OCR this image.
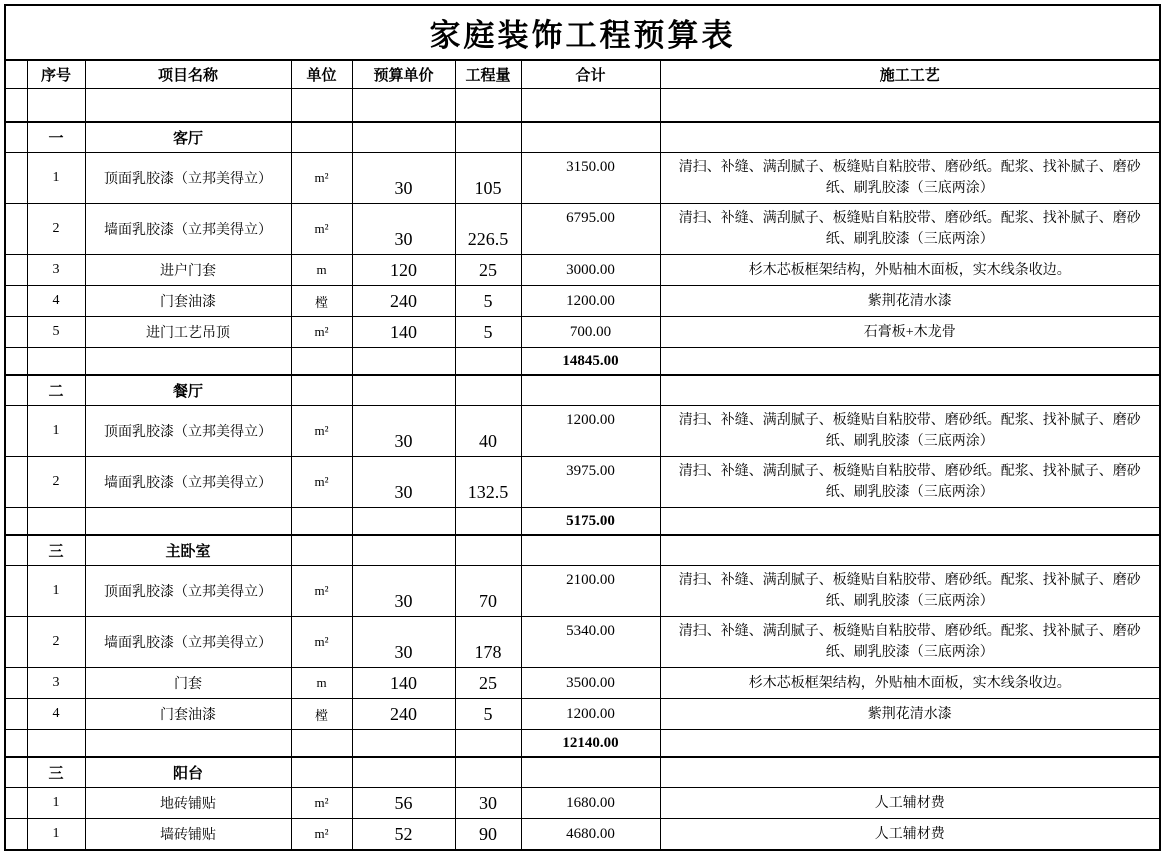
家庭装饰工程预算表							
	序号	项目名称	单位	预算单价	工程量	合计	施工工艺

	一	客厅					
	1	顶面乳胶漆（立邦美得立）	m²	30	105	3150.00	清扫、补缝、满刮腻子、板缝贴自粘胶带、磨砂纸。配浆、找补腻子、磨砂纸、刷乳胶漆（三底两涂）
	2	墙面乳胶漆（立邦美得立）	m²	30	226.5	6795.00	清扫、补缝、满刮腻子、板缝贴自粘胶带、磨砂纸。配浆、找补腻子、磨砂纸、刷乳胶漆（三底两涂）
	3	进户门套	m	120	25	3000.00	杉木芯板框架结构，外贴柚木面板，实木线条收边。
	4	门套油漆	樘	240	5	1200.00	紫荆花清水漆
	5	进门工艺吊顶	m²	140	5	700.00	石膏板+木龙骨
						14845.00	
	二	餐厅					
	1	顶面乳胶漆（立邦美得立）	m²	30	40	1200.00	清扫、补缝、满刮腻子、板缝贴自粘胶带、磨砂纸。配浆、找补腻子、磨砂纸、刷乳胶漆（三底两涂）
	2	墙面乳胶漆（立邦美得立）	m²	30	132.5	3975.00	清扫、补缝、满刮腻子、板缝贴自粘胶带、磨砂纸。配浆、找补腻子、磨砂纸、刷乳胶漆（三底两涂）
						5175.00	
	三	主卧室					
	1	顶面乳胶漆（立邦美得立）	m²	30	70	2100.00	清扫、补缝、满刮腻子、板缝贴自粘胶带、磨砂纸。配浆、找补腻子、磨砂纸、刷乳胶漆（三底两涂）
	2	墙面乳胶漆（立邦美得立）	m²	30	178	5340.00	清扫、补缝、满刮腻子、板缝贴自粘胶带、磨砂纸。配浆、找补腻子、磨砂纸、刷乳胶漆（三底两涂）
	3	门套	m	140	25	3500.00	杉木芯板框架结构，外贴柚木面板，实木线条收边。
	4	门套油漆	樘	240	5	1200.00	紫荆花清水漆
						12140.00	
	三	阳台					
	1	地砖铺贴	m²	56	30	1680.00	人工辅材费
	1	墙砖铺贴	m²	52	90	4680.00	人工辅材费
